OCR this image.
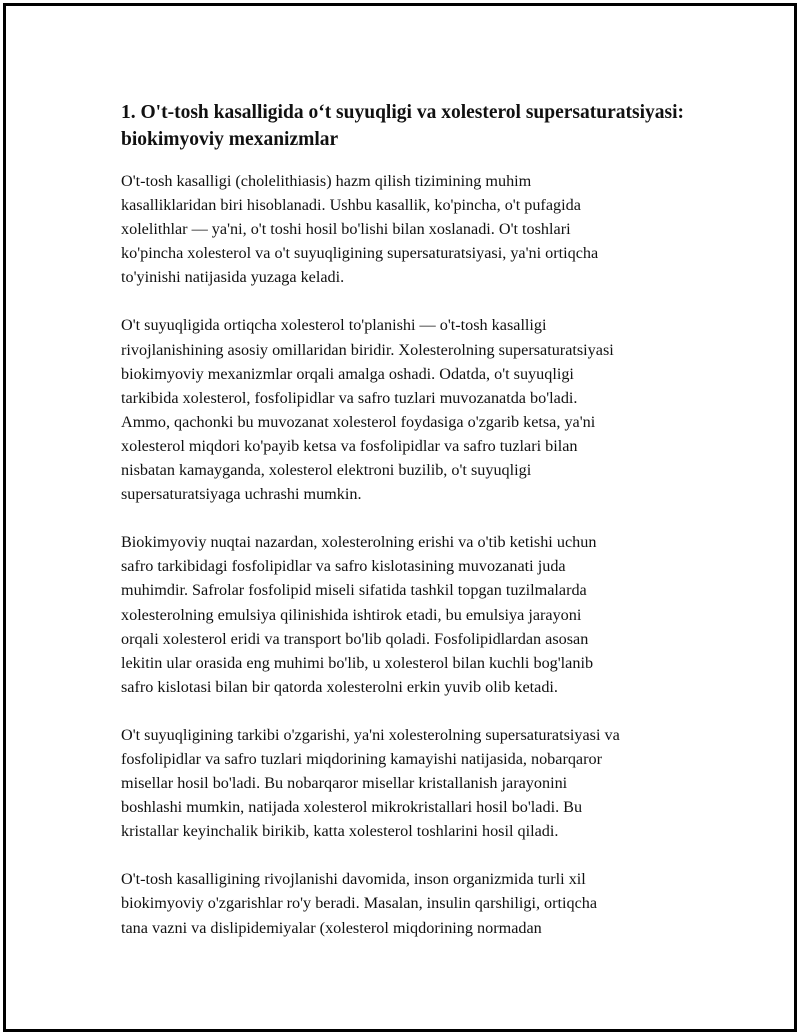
1. O't-tosh kasalligida o‘t suyuqligi va xolesterol supersaturatsiyasi: biokimyoviy mexanizmlar

O't-tosh kasalligi (cholelithiasis) hazm qilish tizimining muhim
kasalliklaridan biri hisoblanadi. Ushbu kasallik, ko'pincha, o't pufagida
xolelithlar — ya'ni, o't toshi hosil bo'lishi bilan xoslanadi. O't toshlari
ko'pincha xolesterol va o't suyuqligining supersaturatsiyasi, ya'ni ortiqcha
to'yinishi natijasida yuzaga keladi.

O't suyuqligida ortiqcha xolesterol to'planishi — o't-tosh kasalligi
rivojlanishining asosiy omillaridan biridir. Xolesterolning supersaturatsiyasi
biokimyoviy mexanizmlar orqali amalga oshadi. Odatda, o't suyuqligi
tarkibida xolesterol, fosfolipidlar va safro tuzlari muvozanatda bo'ladi.
Ammo, qachonki bu muvozanat xolesterol foydasiga o'zgarib ketsa, ya'ni
xolesterol miqdori ko'payib ketsa va fosfolipidlar va safro tuzlari bilan
nisbatan kamayganda, xolesterol elektroni buzilib, o't suyuqligi
supersaturatsiyaga uchrashi mumkin.

Biokimyoviy nuqtai nazardan, xolesterolning erishi va o'tib ketishi uchun
safro tarkibidagi fosfolipidlar va safro kislotasining muvozanati juda
muhimdir. Safrolar fosfolipid miseli sifatida tashkil topgan tuzilmalarda
xolesterolning emulsiya qilinishida ishtirok etadi, bu emulsiya jarayoni
orqali xolesterol eridi va transport bo'lib qoladi. Fosfolipidlardan asosan
lekitin ular orasida eng muhimi bo'lib, u xolesterol bilan kuchli bog'lanib
safro kislotasi bilan bir qatorda xolesterolni erkin yuvib olib ketadi.

O't suyuqligining tarkibi o'zgarishi, ya'ni xolesterolning supersaturatsiyasi va
fosfolipidlar va safro tuzlari miqdorining kamayishi natijasida, nobarqaror
misellar hosil bo'ladi. Bu nobarqaror misellar kristallanish jarayonini
boshlashi mumkin, natijada xolesterol mikrokristallari hosil bo'ladi. Bu
kristallar keyinchalik birikib, katta xolesterol toshlarini hosil qiladi.

O't-tosh kasalligining rivojlanishi davomida, inson organizmida turli xil
biokimyoviy o'zgarishlar ro'y beradi. Masalan, insulin qarshiligi, ortiqcha
tana vazni va dislipidemiyalar (xolesterol miqdorining normadan
